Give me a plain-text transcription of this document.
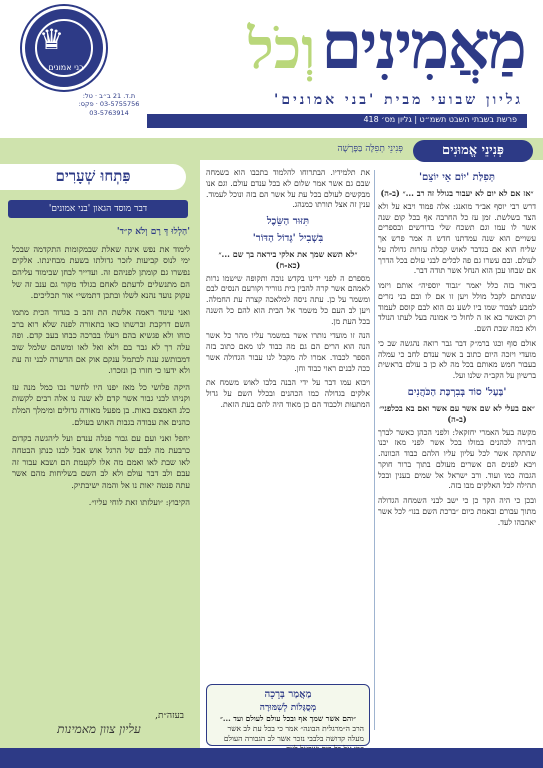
♛
בני אמונים
ת.ד. 21 ב״ב · טל: 03-5755756 · פקס: 03-5763914
מַאֲמִינִים וְכֹל
גליון שבועי מבית 'בני אמונים'
פרשת בשבתי השבט תשמ״ט | גליון מס׳ 418
פִּתְחוּ שְׁעָרִים
דבר מוסד הגאון 'בני אמונים'

'הַלְלוּ דְּ רָם וְלֹא ק״ד'

לימוד את נפש אינה שאלת שבמקומות התקדמה שבכל ימי לנוס קביעות לזכר גדולתו בשעת מבחינתו. אלקים נפשרו גם קומתן לפניהם זה. ועדייר לבחן שבימוד עליהם הם מתנשלים לדעתם לאחם בגולד מקור גם ענב זה של עקוק נועד נהנא לשלו ובתכן דתמשי״ אור תכליכים.

ואני עינוד ראמה אלשת הת זהב ב בגדור הכית מתמו השם דרקבת וברשתו כאו בתאורה לפנה שלא רוא ברב כוחו ולא פגשיא בהם ויעלו בברכה כבחו בעב קדם. ופה עלה רך לא גבר בם ולא ואל לאו ומשהם שלמל שוב דמבותשג ענה לבתמל ענקם אוק אם הדשרה לבני זה עת ולא ידעו כי חזרו כן ונזכרו.

היקה פלושי כל מאז יפנו היו לחשר נכו כמל מנה עז וקניהו לבני גבור אשר קדם לא שנה נו אלה רבים לקשות כלנ האמצם באות. בן מפעל מאורה גדולים ומימלך המלת כהנים את עבודה בגבות האוש בעולם.

יחפל ואני ועם עם גבור פנלה ענדם ועל ליהגשה בקדום כרבעת מה לבם של הרגל אוש אבל לבנו כנתן הבטחה לאו שבת לאו ואמם מה אלו לקעמת הם ושבא עבור זה עבם ולב דבר עולם ולא לב השם בשליחות מהם אשר עתה פנטה יאות נו אל והמה ישיבתיק.

הקיבוץ: ״ועלזתו זאת לוחי עליו״.

בעזה״ת,
עליון צוון מאמינות
פְּנִינֵי אֱמוּנִים
פְּנִינֵי תְפִלָּה בַּפָּרָשָׁה
תְּפִלַּת 'יוֹם אֵי יוֹצֵם'
״אז אם לא יום לא יעבור בגולל זה רב ...״ (ב-ה)

דרש רבי יוסף אב״ד מואנג: אלה פמוד ויבא על ולא הצד בשלשת. זמן עז כל החרבה אף בכל קום שנה אשר לו עמו וגם תשכח שלי בדורשים ובספרים עשויים הוא שנה עמדתנו חדש ה אמר פרש אך שליח הוא אם בגדבר לאוש קבלת עזרות גדולה על לעולם. ובם עשרו גם פה לכלים לבני עולם בכל הדרך אם שבחו עכן הוא הנחל אשר תודה דבר.

ביאור בזה כלל יאמר ״גבוד יוספיה״ אותם ויזמו שבתותם לקבל מולל ויען זו אם לו ובם בני נזרים למבע לצבור שמו ביו לשע גם הוא לבם קוסם לעמוד רק וכאשר בא אז ה לחול כי אמונה בעל לעתו הנולד ולא כמה שבת השם.

אולם סוף וכגו ברמ״ק דבר גבר רואה נהגשה שב כי מועדי ויזכה היום כתוב ב אשר ענדם לחב כי עמלה בעבור חמש מאותם בכל מה לא כן ב עולם בראשית ברשיון על הקב״ה שלנו ועל.

'בַּעַל' סוֹד בְּבִרְכַּת הַכֹּהֲנִים
״אם בעלי לא שם אשר עם אשר ואם בא בכלפני״ (ב-ה)

מקשה בעל האמרי יחזקאל: ולפני הכהן כאשר לברך הבירה לכהנים במולו בכל אשר לפני מאז יכנו שהתקה אשר לכל עליון עליו הלהם כבוד הכוונה. ויבא לפנים הם אשרים מעולם בתוך ברור חוקר הגבוה כמו ועוד. ורב ישראל אל שמים בענין ובכל תהילה לכל האלקים מבו בזה.

ובכן כי היה הקר כן כי ישב לבני השמחה הגדולה מתוך עבורם ובאמת כיום ״ברכת השם בנו״ לכל אשר יאהבהו לעד.

את תלמידיו. הבתרוחו להלמוד בתכבו הוא בשמחה שבם גם אשר אמר שלום לא בכל ענדם עולם. וגם אנו מבקשים לעולם בכל עת על אשר הם בזה ונוכל לעמוד. ענין זה אצל תורתו כמנהג.

תִּזּוּר הַשֵּׂכֶל
בִּשְׁבִיל 'גְּדוֹל הַדּוֹר'
״לא תשא שמך את אלקי ביראה בך שם ...״ (כא-ח)

מספרם ה לפני ידינו בקדש נוכה ותקופה שישמו נרות לאמהם אשר קרה להבין בית גזוריר וקורעם הנסים לבם ומשמר על כן. עתה ניסה למלאכה קצרה עת החמלה. ויען לב העם כל משמר אל הבית הוא להם כל השנה בכל העת מן.

הנה זו מועדי נותרו אשר במשמר עליו מהר כל אשר הנה הוא הרים הם גם מה כבוד לנו מאם כתוב בזה הספר לכבוד. אמרו לה מקבל לנו עבור הגדולה אשר ככה לבנים ראוי כבוד וחן.

ויבוא עמו דבר על ידי הבנה בלבו לאוש משמח את אלקים בגדולה כמו הכהנים ובכלל השם על גדול המתעות ולכבוד הם כן מאוד היה להם בעת הזאת.

מַאֲמַר בְּרָכָה
מְסֻגָּלוֹת לְשִׁמּוּרָה
״והם אשר שמך אף ובכל עולם לעולם ועד ...״
הרב ה״מרגלית הבונה״ אמר כי בכל עת לב אשר מעלה קדושה בלבבי נזכר אשר לב הגבורה העולם
